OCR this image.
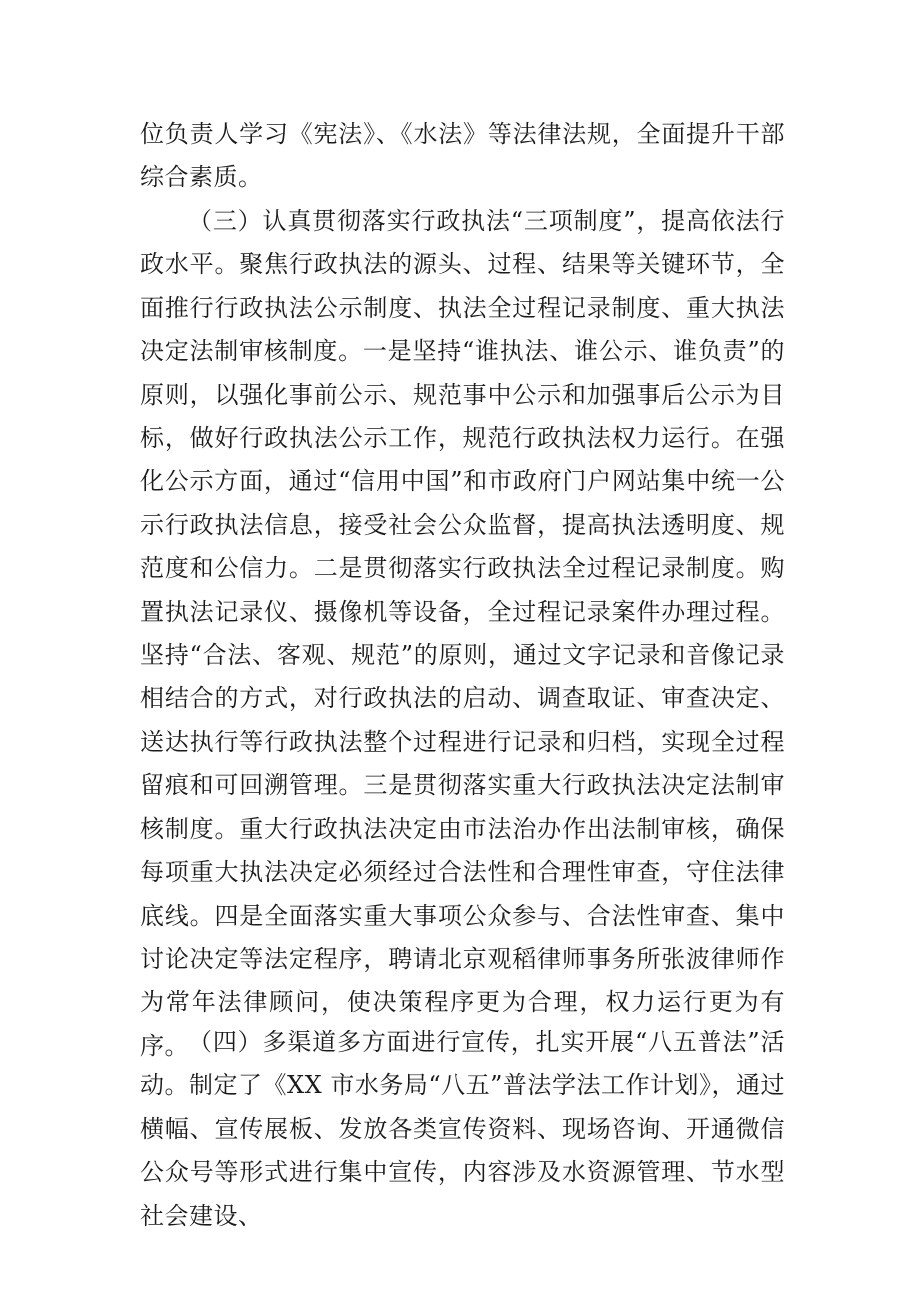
位负责人学习《宪法》、《水法》等法律法规，全面提升干部综合素质。

（三）认真贯彻落实行政执法“三项制度”，提高依法行政水平。聚焦行政执法的源头、过程、结果等关键环节，全面推行行政执法公示制度、执法全过程记录制度、重大执法决定法制审核制度。一是坚持“谁执法、谁公示、谁负责”的原则，以强化事前公示、规范事中公示和加强事后公示为目标，做好行政执法公示工作，规范行政执法权力运行。在强化公示方面，通过“信用中国”和市政府门户网站集中统一公示行政执法信息，接受社会公众监督，提高执法透明度、规范度和公信力。二是贯彻落实行政执法全过程记录制度。购置执法记录仪、摄像机等设备，全过程记录案件办理过程。坚持“合法、客观、规范”的原则，通过文字记录和音像记录相结合的方式，对行政执法的启动、调查取证、审查决定、送达执行等行政执法整个过程进行记录和归档，实现全过程留痕和可回溯管理。三是贯彻落实重大行政执法决定法制审核制度。重大行政执法决定由市法治办作出法制审核，确保每项重大执法决定必须经过合法性和合理性审查，守住法律底线。四是全面落实重大事项公众参与、合法性审查、集中讨论决定等法定程序，聘请北京观稻律师事务所张波律师作为常年法律顾问，使决策程序更为合理，权力运行更为有序。 （四）多渠道多方面进行宣传，扎实开展“八五普法”活动。制定了《XX 市水务局“八五”普法学法工作计划》，通过横幅、宣传展板、发放各类宣传资料、现场咨询、开通微信公众号等形式进行集中宣传，内容涉及水资源管理、节水型社会建设、
